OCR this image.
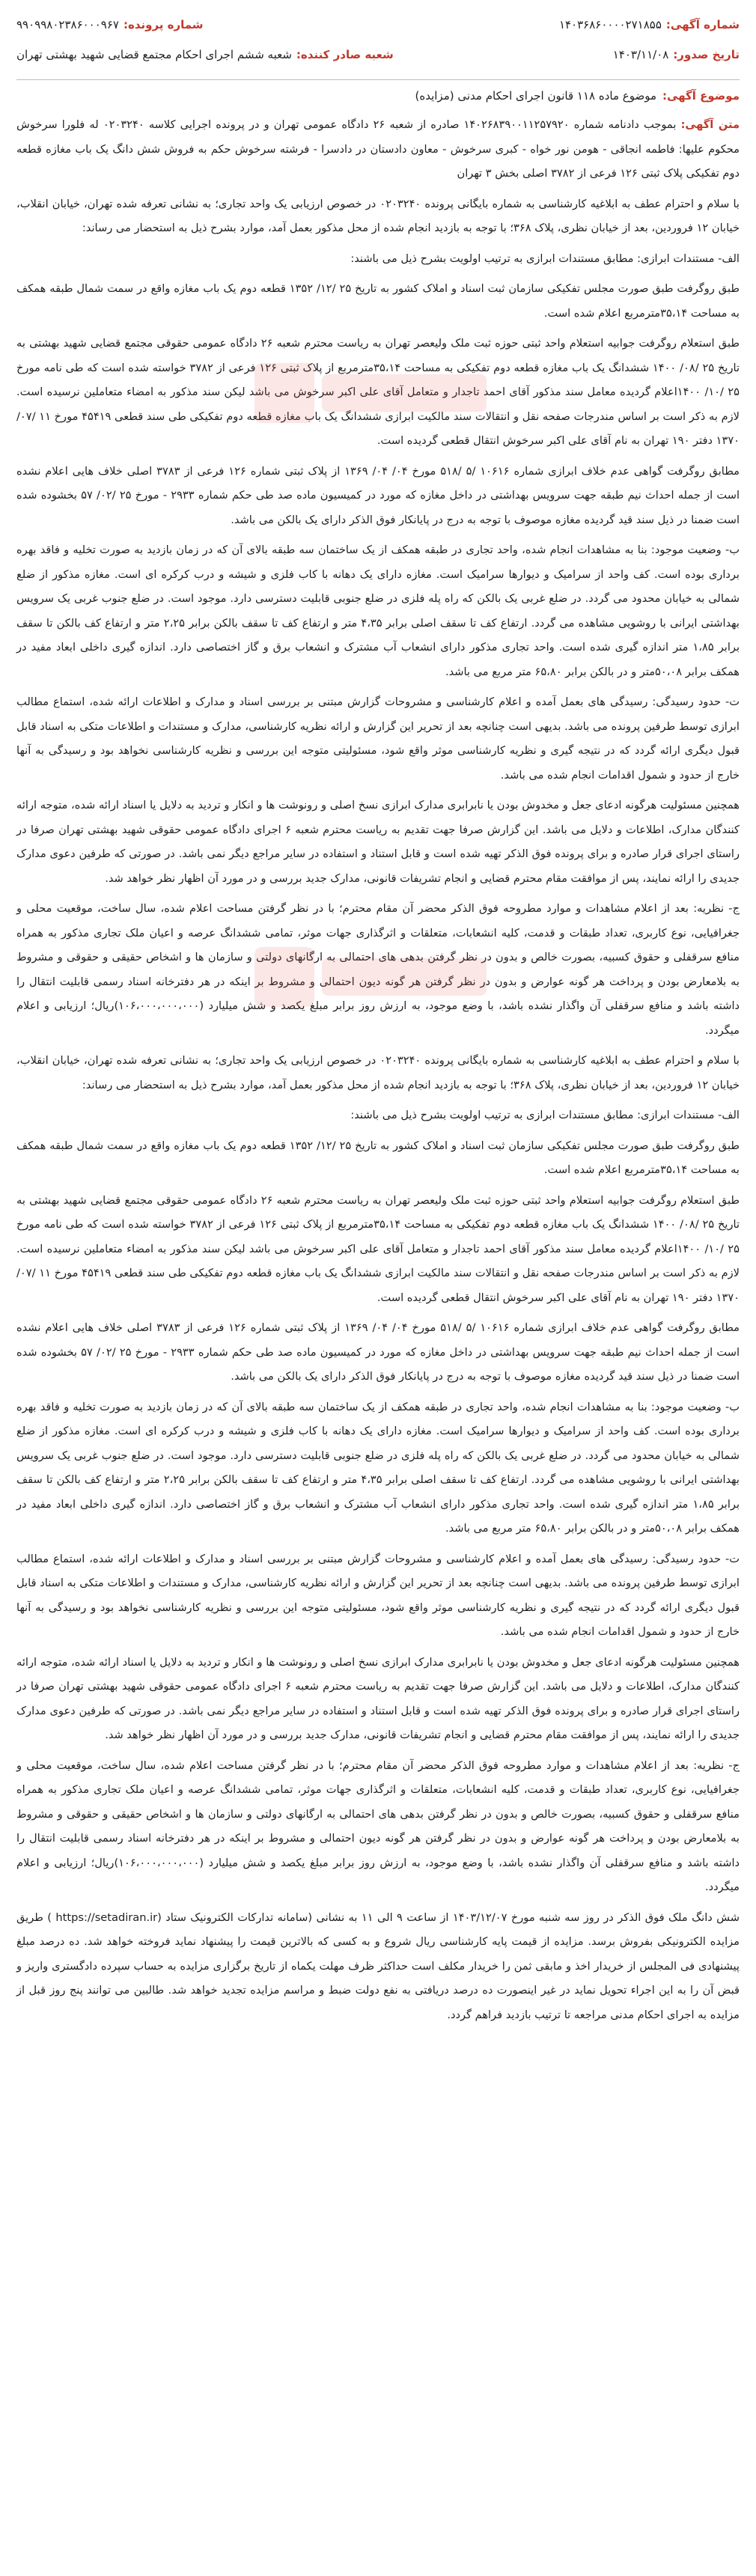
شماره آگهی:۱۴۰۳۶۸۶۰۰۰۰۲۷۱۸۵۵
شماره پرونده:۹۹۰۹۹۸۰۲۳۸۶۰۰۰۹۶۷
تاریخ صدور:۱۴۰۳/۱۱/۰۸
شعبه صادر کننده:شعبه ششم اجرای احکام مجتمع قضایی شهید بهشتی تهران
موضوع آگهی:موضوع ماده ۱۱۸ قانون اجرای احکام مدنی (مزایده)

متن آگهی: بموجب دادنامه شماره ۱۴۰۲۶۸۳۹۰۰۱۱۲۵۷۹۲۰ صادره از شعبه ۲۶ دادگاه عمومی تهران و در پرونده اجرایی کلاسه ۰۲۰۳۲۴۰ له فلورا سرخوش محکوم علیها: فاطمه انجاقی - هومن نور خواه - کبری سرخوش - معاون دادستان در دادسرا - فرشته سرخوش حکم به فروش شش دانگ یک باب مغازه قطعه دوم تفکیکی پلاک ثبتی ۱۲۶ فرعی از ۳۷۸۲ اصلی بخش ۳ تهران

با سلام و احترام عطف به ابلاغیه کارشناسی به شماره بایگانی پرونده ۰۲۰۳۲۴۰ در خصوص ارزیابی یک واحد تجاری؛ به نشانی تعرفه شده تهران، خیابان انقلاب، خیابان ۱۲ فروردین، بعد از خیابان نظری، پلاک ۳۶۸؛ با توجه به بازدید انجام شده از محل مذکور بعمل آمد، موارد بشرح ذیل به استحضار می رساند:

الف- مستندات ابرازی: مطابق مستندات ابرازی به ترتیب اولویت بشرح ذیل می باشند:

طبق روگرفت طبق صورت مجلس تفکیکی سازمان ثبت اسناد و املاک کشور به تاریخ ۲۵ /۱۲/ ۱۳۵۲ قطعه دوم یک باب مغازه واقع در سمت شمال طبقه همکف به مساحت ۳۵،۱۴مترمربع اعلام شده است.

طبق استعلام روگرفت جوابیه استعلام واحد ثبتی حوزه ثبت ملک ولیعصر تهران به ریاست محترم شعبه ۲۶ دادگاه عمومی حقوقی مجتمع قضایی شهید بهشتی به تاریخ ۲۵ /۰۸/ ۱۴۰۰ ششدانگ یک باب مغازه قطعه دوم تفکیکی به مساحت ۳۵،۱۴مترمربع از پلاک ثبتی ۱۲۶ فرعی از ۳۷۸۲ خواسته شده است که طی نامه مورخ ۲۵ /۱۰/ ۱۴۰۰اعلام گردیده معامل سند مذکور آقای احمد تاجدار و متعامل آقای علی اکبر سرخوش می باشد لیکن سند مذکور به امضاء متعاملین نرسیده است. لازم به ذکر است بر اساس مندرجات صفحه نقل و انتقالات سند مالکیت ابرازی ششدانگ یک باب مغازه قطعه دوم تفکیکی طی سند قطعی ۴۵۴۱۹ مورخ ۱۱ /۰۷/ ۱۳۷۰ دفتر ۱۹۰ تهران به نام آقای علی اکبر سرخوش انتقال قطعی گردیده است.

مطابق روگرفت گواهی عدم خلاف ابرازی شماره ۱۰۶۱۶ /۵ /۵۱۸ مورخ ۰۴/ ۰۴/ ۱۳۶۹ از پلاک ثبتی شماره ۱۲۶ فرعی از ۳۷۸۳ اصلی خلاف هایی اعلام نشده است از جمله احداث نیم طبقه جهت سرویس بهداشتی در داخل مغازه که مورد در کمیسیون ماده صد طی حکم شماره ۲۹۳۳ - مورخ ۲۵ /۰۲/ ۵۷ بخشوده شده است ضمنا در ذیل سند قید گردیده مغازه موصوف با توجه به درج در پایانکار فوق الذکر دارای یک بالکن می باشد.

ب- وضعیت موجود: بنا به مشاهدات انجام شده، واحد تجاری در طبقه همکف از یک ساختمان سه طبقه بالای آن که در زمان بازدید به صورت تخلیه و فاقد بهره برداری بوده است. کف واحد از سرامیک و دیوارها سرامیک است. مغازه دارای یک دهانه با کاب فلزی و شیشه و درب کرکره ای است. مغازه مذکور از ضلع شمالی به خیابان محدود می گردد. در ضلع غربی یک بالکن که راه پله فلزی در ضلع جنوبی قابلیت دسترسی دارد. موجود است. در ضلع جنوب غربی یک سرویس بهداشتی ایرانی با روشویی مشاهده می گردد. ارتفاع کف تا سقف اصلی برابر ۴،۳۵ متر و ارتفاع کف تا سقف بالکن برابر ۲،۲۵ متر و ارتفاع کف بالکن تا سقف برابر ۱،۸۵ متر اندازه گیری شده است. واحد تجاری مذکور دارای انشعاب آب مشترک و انشعاب برق و گاز اختصاصی دارد. اندازه گیری داخلی ابعاد مفید در همکف برابر ۵۰،۰۸متر و در بالکن برابر ۶۵،۸۰ متر مربع می باشد.

ت- حدود رسیدگی: رسیدگی های بعمل آمده و اعلام کارشناسی و مشروحات گزارش مبتنی بر بررسی اسناد و مدارک و اطلاعات ارائه شده، استماع مطالب ابرازی توسط طرفین پرونده می باشد. بدیهی است چنانچه بعد از تحریر این گزارش و ارائه نظریه کارشناسی، مدارک و مستندات و اطلاعات متکی به اسناد قابل قبول دیگری ارائه گردد که در نتیجه گیری و نظریه کارشناسی موثر واقع شود، مسئولیتی متوجه این بررسی و نظریه کارشناسی نخواهد بود و رسیدگی به آنها خارج از حدود و شمول اقدامات انجام شده می باشد.

همچنین مسئولیت هرگونه ادعای جعل و مخدوش بودن یا نابرابری مدارک ابرازی نسخ اصلی و رونوشت ها و انکار و تردید به دلایل یا اسناد ارائه شده، متوجه ارائه کنندگان مدارک، اطلاعات و دلایل می باشد. این گزارش صرفا جهت تقدیم به ریاست محترم شعبه ۶ اجرای دادگاه عمومی حقوقی شهید بهشتی تهران صرفا در راستای اجرای قرار صادره و برای پرونده فوق الذکر تهیه شده است و قابل استناد و استفاده در سایر مراجع دیگر نمی باشد. در صورتی که طرفین دعوی مدارک جدیدی را ارائه نمایند، پس از موافقت مقام محترم قضایی و انجام تشریفات قانونی، مدارک جدید بررسی و در مورد آن اظهار نظر خواهد شد.

ج- نظریه: بعد از اعلام مشاهدات و موارد مطروحه فوق الذکر محضر آن مقام محترم؛ با در نظر گرفتن مساحت اعلام شده، سال ساخت، موقعیت محلی و جغرافیایی، نوع کاربری، تعداد طبقات و قدمت، کلیه انشعابات، متعلقات و اثرگذاری جهات موثر، تمامی ششدانگ عرصه و اعیان ملک تجاری مذکور به همراه منافع سرقفلی و حقوق کسبیه، بصورت خالص و بدون در نظر گرفتن بدهی های احتمالی به ارگانهای دولتی و سازمان ها و اشخاص حقیقی و حقوقی و مشروط به بلامعارض بودن و پرداخت هر گونه عوارض و بدون در نظر گرفتن هر گونه دیون احتمالی و مشروط بر اینکه در هر دفترخانه اسناد رسمی قابلیت انتقال را داشته باشد و منافع سرقفلی آن واگذار نشده باشد، با وضع موجود، به ارزش روز برابر مبلغ یکصد و شش میلیارد (۱۰۶،۰۰۰،۰۰۰،۰۰۰)ریال؛ ارزیابی و اعلام میگردد.

با سلام و احترام عطف به ابلاغیه کارشناسی به شماره بایگانی پرونده ۰۲۰۳۲۴۰ در خصوص ارزیابی یک واحد تجاری؛ به نشانی تعرفه شده تهران، خیابان انقلاب، خیابان ۱۲ فروردین، بعد از خیابان نظری، پلاک ۳۶۸؛ با توجه به بازدید انجام شده از محل مذکور بعمل آمد، موارد بشرح ذیل به استحضار می رساند:

الف- مستندات ابرازی: مطابق مستندات ابرازی به ترتیب اولویت بشرح ذیل می باشند:

طبق روگرفت طبق صورت مجلس تفکیکی سازمان ثبت اسناد و املاک کشور به تاریخ ۲۵ /۱۲/ ۱۳۵۲ قطعه دوم یک باب مغازه واقع در سمت شمال طبقه همکف به مساحت ۳۵،۱۴مترمربع اعلام شده است.

طبق استعلام روگرفت جوابیه استعلام واحد ثبتی حوزه ثبت ملک ولیعصر تهران به ریاست محترم شعبه ۲۶ دادگاه عمومی حقوقی مجتمع قضایی شهید بهشتی به تاریخ ۲۵ /۰۸/ ۱۴۰۰ ششدانگ یک باب مغازه قطعه دوم تفکیکی به مساحت ۳۵،۱۴مترمربع از پلاک ثبتی ۱۲۶ فرعی از ۳۷۸۲ خواسته شده است که طی نامه مورخ ۲۵ /۱۰/ ۱۴۰۰اعلام گردیده معامل سند مذکور آقای احمد تاجدار و متعامل آقای علی اکبر سرخوش می باشد لیکن سند مذکور به امضاء متعاملین نرسیده است. لازم به ذکر است بر اساس مندرجات صفحه نقل و انتقالات سند مالکیت ابرازی ششدانگ یک باب مغازه قطعه دوم تفکیکی طی سند قطعی ۴۵۴۱۹ مورخ ۱۱ /۰۷/ ۱۳۷۰ دفتر ۱۹۰ تهران به نام آقای علی اکبر سرخوش انتقال قطعی گردیده است.

مطابق روگرفت گواهی عدم خلاف ابرازی شماره ۱۰۶۱۶ /۵ /۵۱۸ مورخ ۰۴/ ۰۴/ ۱۳۶۹ از پلاک ثبتی شماره ۱۲۶ فرعی از ۳۷۸۳ اصلی خلاف هایی اعلام نشده است از جمله احداث نیم طبقه جهت سرویس بهداشتی در داخل مغازه که مورد در کمیسیون ماده صد طی حکم شماره ۲۹۳۳ - مورخ ۲۵ /۰۲/ ۵۷ بخشوده شده است ضمنا در ذیل سند قید گردیده مغازه موصوف با توجه به درج در پایانکار فوق الذکر دارای یک بالکن می باشد.

ب- وضعیت موجود: بنا به مشاهدات انجام شده، واحد تجاری در طبقه همکف از یک ساختمان سه طبقه بالای آن که در زمان بازدید به صورت تخلیه و فاقد بهره برداری بوده است. کف واحد از سرامیک و دیوارها سرامیک است. مغازه دارای یک دهانه با کاب فلزی و شیشه و درب کرکره ای است. مغازه مذکور از ضلع شمالی به خیابان محدود می گردد. در ضلع غربی یک بالکن که راه پله فلزی در ضلع جنوبی قابلیت دسترسی دارد. موجود است. در ضلع جنوب غربی یک سرویس بهداشتی ایرانی با روشویی مشاهده می گردد. ارتفاع کف تا سقف اصلی برابر ۴،۳۵ متر و ارتفاع کف تا سقف بالکن برابر ۲،۲۵ متر و ارتفاع کف بالکن تا سقف برابر ۱،۸۵ متر اندازه گیری شده است. واحد تجاری مذکور دارای انشعاب آب مشترک و انشعاب برق و گاز اختصاصی دارد. اندازه گیری داخلی ابعاد مفید در همکف برابر ۵۰،۰۸متر و در بالکن برابر ۶۵،۸۰ متر مربع می باشد.

ت- حدود رسیدگی: رسیدگی های بعمل آمده و اعلام کارشناسی و مشروحات گزارش مبتنی بر بررسی اسناد و مدارک و اطلاعات ارائه شده، استماع مطالب ابرازی توسط طرفین پرونده می باشد. بدیهی است چنانچه بعد از تحریر این گزارش و ارائه نظریه کارشناسی، مدارک و مستندات و اطلاعات متکی به اسناد قابل قبول دیگری ارائه گردد که در نتیجه گیری و نظریه کارشناسی موثر واقع شود، مسئولیتی متوجه این بررسی و نظریه کارشناسی نخواهد بود و رسیدگی به آنها خارج از حدود و شمول اقدامات انجام شده می باشد.

همچنین مسئولیت هرگونه ادعای جعل و مخدوش بودن یا نابرابری مدارک ابرازی نسخ اصلی و رونوشت ها و انکار و تردید به دلایل یا اسناد ارائه شده، متوجه ارائه کنندگان مدارک، اطلاعات و دلایل می باشد. این گزارش صرفا جهت تقدیم به ریاست محترم شعبه ۶ اجرای دادگاه عمومی حقوقی شهید بهشتی تهران صرفا در راستای اجرای قرار صادره و برای پرونده فوق الذکر تهیه شده است و قابل استناد و استفاده در سایر مراجع دیگر نمی باشد. در صورتی که طرفین دعوی مدارک جدیدی را ارائه نمایند، پس از موافقت مقام محترم قضایی و انجام تشریفات قانونی، مدارک جدید بررسی و در مورد آن اظهار نظر خواهد شد.

ج- نظریه: بعد از اعلام مشاهدات و موارد مطروحه فوق الذکر محضر آن مقام محترم؛ با در نظر گرفتن مساحت اعلام شده، سال ساخت، موقعیت محلی و جغرافیایی، نوع کاربری، تعداد طبقات و قدمت، کلیه انشعابات، متعلقات و اثرگذاری جهات موثر، تمامی ششدانگ عرصه و اعیان ملک تجاری مذکور به همراه منافع سرقفلی و حقوق کسبیه، بصورت خالص و بدون در نظر گرفتن بدهی های احتمالی به ارگانهای دولتی و سازمان ها و اشخاص حقیقی و حقوقی و مشروط به بلامعارض بودن و پرداخت هر گونه عوارض و بدون در نظر گرفتن هر گونه دیون احتمالی و مشروط بر اینکه در هر دفترخانه اسناد رسمی قابلیت انتقال را داشته باشد و منافع سرقفلی آن واگذار نشده باشد، با وضع موجود، به ارزش روز برابر مبلغ یکصد و شش میلیارد (۱۰۶،۰۰۰،۰۰۰،۰۰۰)ریال؛ ارزیابی و اعلام میگردد.

شش دانگ ملک فوق الذکر در روز سه شنبه مورخ ۱۴۰۳/۱۲/۰۷ از ساعت ۹ الی ۱۱ به نشانی (سامانه تدارکات الکترونیک ستاد (https://setadiran.ir ) طریق مزایده الکترونیکی بفروش برسد. مزایده از قیمت پایه کارشناسی ریال شروع و به کسی که بالاترین قیمت را پیشنهاد نماید فروخته خواهد شد. ده درصد مبلغ پیشنهادی فی المجلس از خریدار اخذ و مابقی ثمن را خریدار مکلف است حداکثر ظرف مهلت یکماه از تاریخ برگزاری مزایده به حساب سپرده دادگستری واریز و قبض آن را به این اجراء تحویل نماید در غیر اینصورت ده درصد دریافتی به نفع دولت ضبط و مراسم مزایده تجدید خواهد شد. طالبین می توانند پنج روز قبل از مزایده به اجرای احکام مدنی مراجعه تا ترتیب بازدید فراهم گردد.
